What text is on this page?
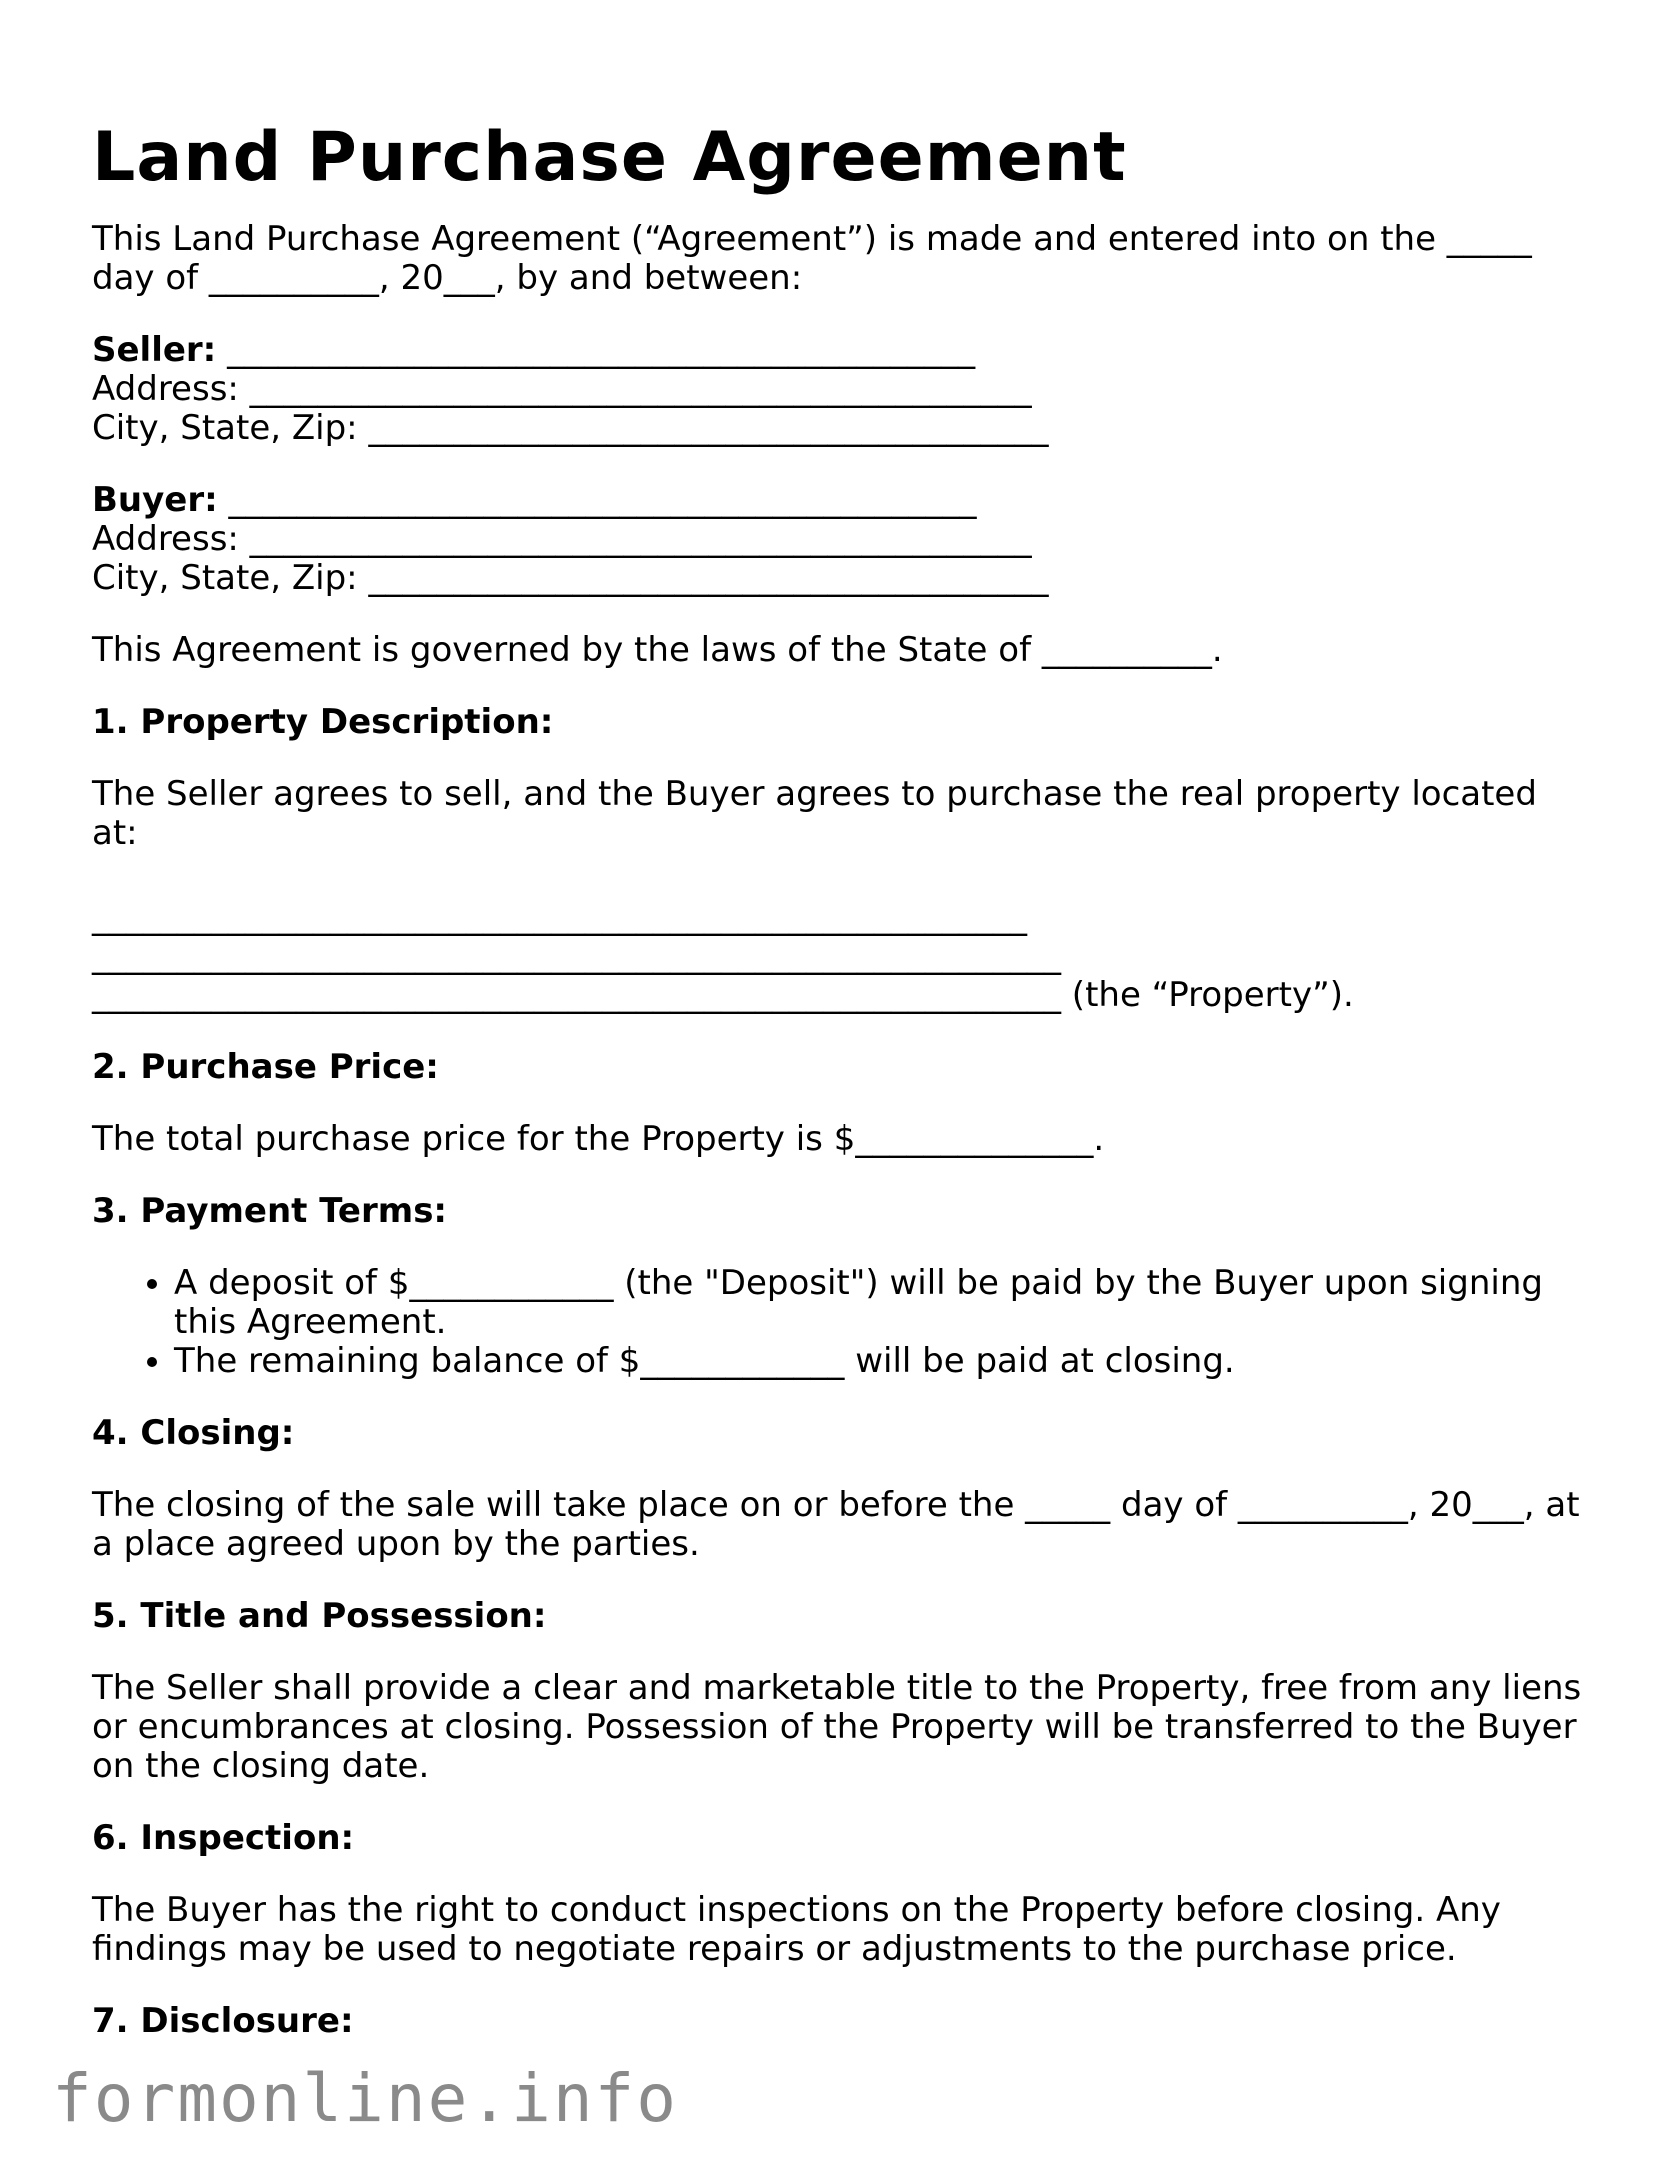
Land Purchase Agreement

This Land Purchase Agreement (“Agreement”) is made and entered into on the _____ day of __________, 20___, by and between:

Seller: ____________________________________________
Address: ______________________________________________
City, State, Zip: ________________________________________
Buyer: ____________________________________________
Address: ______________________________________________
City, State, Zip: ________________________________________

This Agreement is governed by the laws of the State of __________.

1. Property Description:

The Seller agrees to sell, and the Buyer agrees to purchase the real property located at:

_______________________________________________________
_________________________________________________________
_________________________________________________________ (the “Property”).

2. Purchase Price:

The total purchase price for the Property is $______________.

3. Payment Terms:

• A deposit of $____________ (the "Deposit") will be paid by the Buyer upon signing this Agreement.
• The remaining balance of $____________ will be paid at closing.

4. Closing:

The closing of the sale will take place on or before the _____ day of __________, 20___, at a place agreed upon by the parties.

5. Title and Possession:

The Seller shall provide a clear and marketable title to the Property, free from any liens or encumbrances at closing. Possession of the Property will be transferred to the Buyer on the closing date.

6. Inspection:

The Buyer has the right to conduct inspections on the Property before closing. Any findings may be used to negotiate repairs or adjustments to the purchase price.

7. Disclosure:

formonline.info
